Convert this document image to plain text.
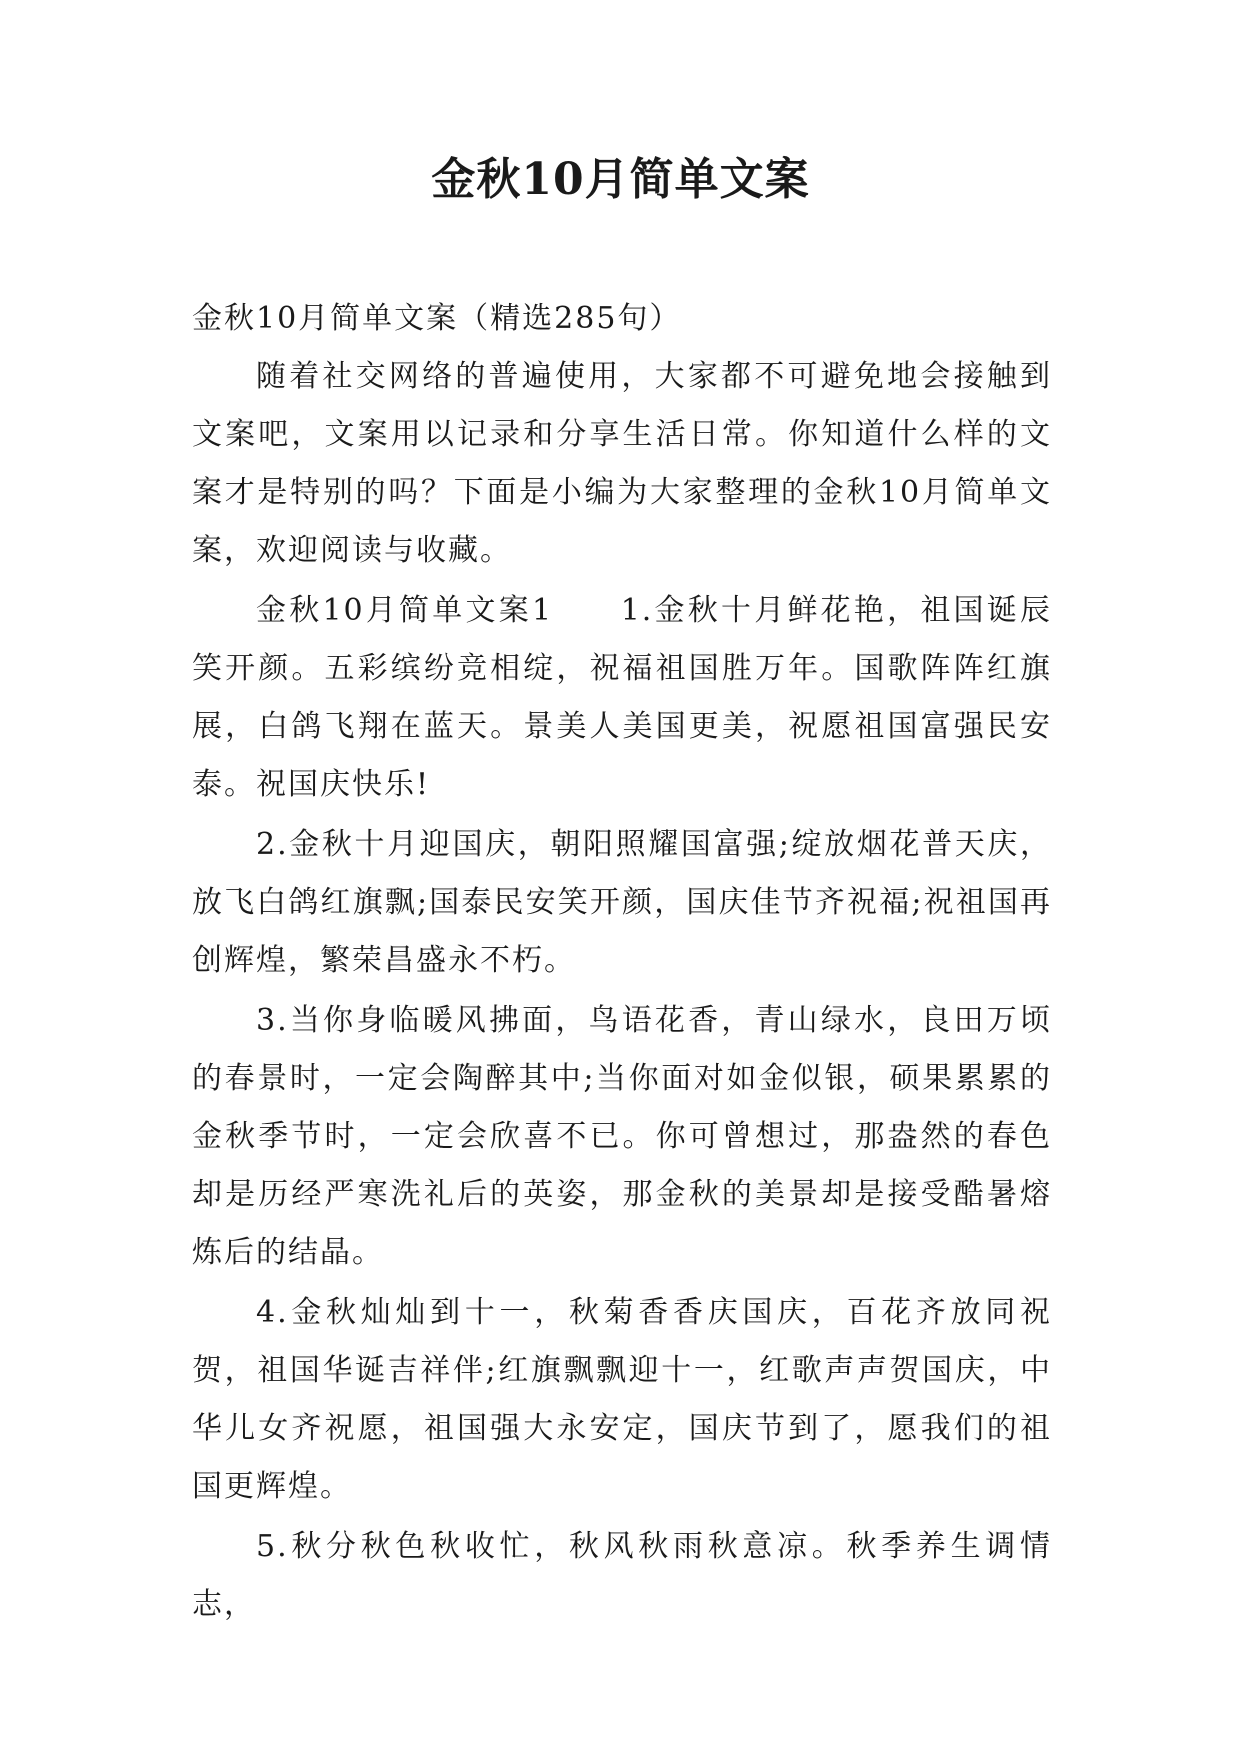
金秋10月简单文案

金秋10月简单文案（精选285句）

随着社交网络的普遍使用，大家都不可避免地会接触到文案吧，文案用以记录和分享生活日常。你知道什么样的文案才是特别的吗？下面是小编为大家整理的金秋10月简单文案，欢迎阅读与收藏。

金秋10月简单文案1　　1.金秋十月鲜花艳，祖国诞辰笑开颜。五彩缤纷竞相绽，祝福祖国胜万年。国歌阵阵红旗展，白鸽飞翔在蓝天。景美人美国更美，祝愿祖国富强民安泰。祝国庆快乐!

2.金秋十月迎国庆，朝阳照耀国富强;绽放烟花普天庆，放飞白鸽红旗飘;国泰民安笑开颜，国庆佳节齐祝福;祝祖国再创辉煌，繁荣昌盛永不朽。

3.当你身临暖风拂面，鸟语花香，青山绿水，良田万顷的春景时，一定会陶醉其中;当你面对如金似银，硕果累累的金秋季节时，一定会欣喜不已。你可曾想过，那盎然的春色却是历经严寒洗礼后的英姿，那金秋的美景却是接受酷暑熔炼后的结晶。

4.金秋灿灿到十一，秋菊香香庆国庆，百花齐放同祝贺，祖国华诞吉祥伴;红旗飘飘迎十一，红歌声声贺国庆，中华儿女齐祝愿，祖国强大永安定，国庆节到了，愿我们的祖国更辉煌。

5.秋分秋色秋收忙，秋风秋雨秋意凉。秋季养生调情志，
